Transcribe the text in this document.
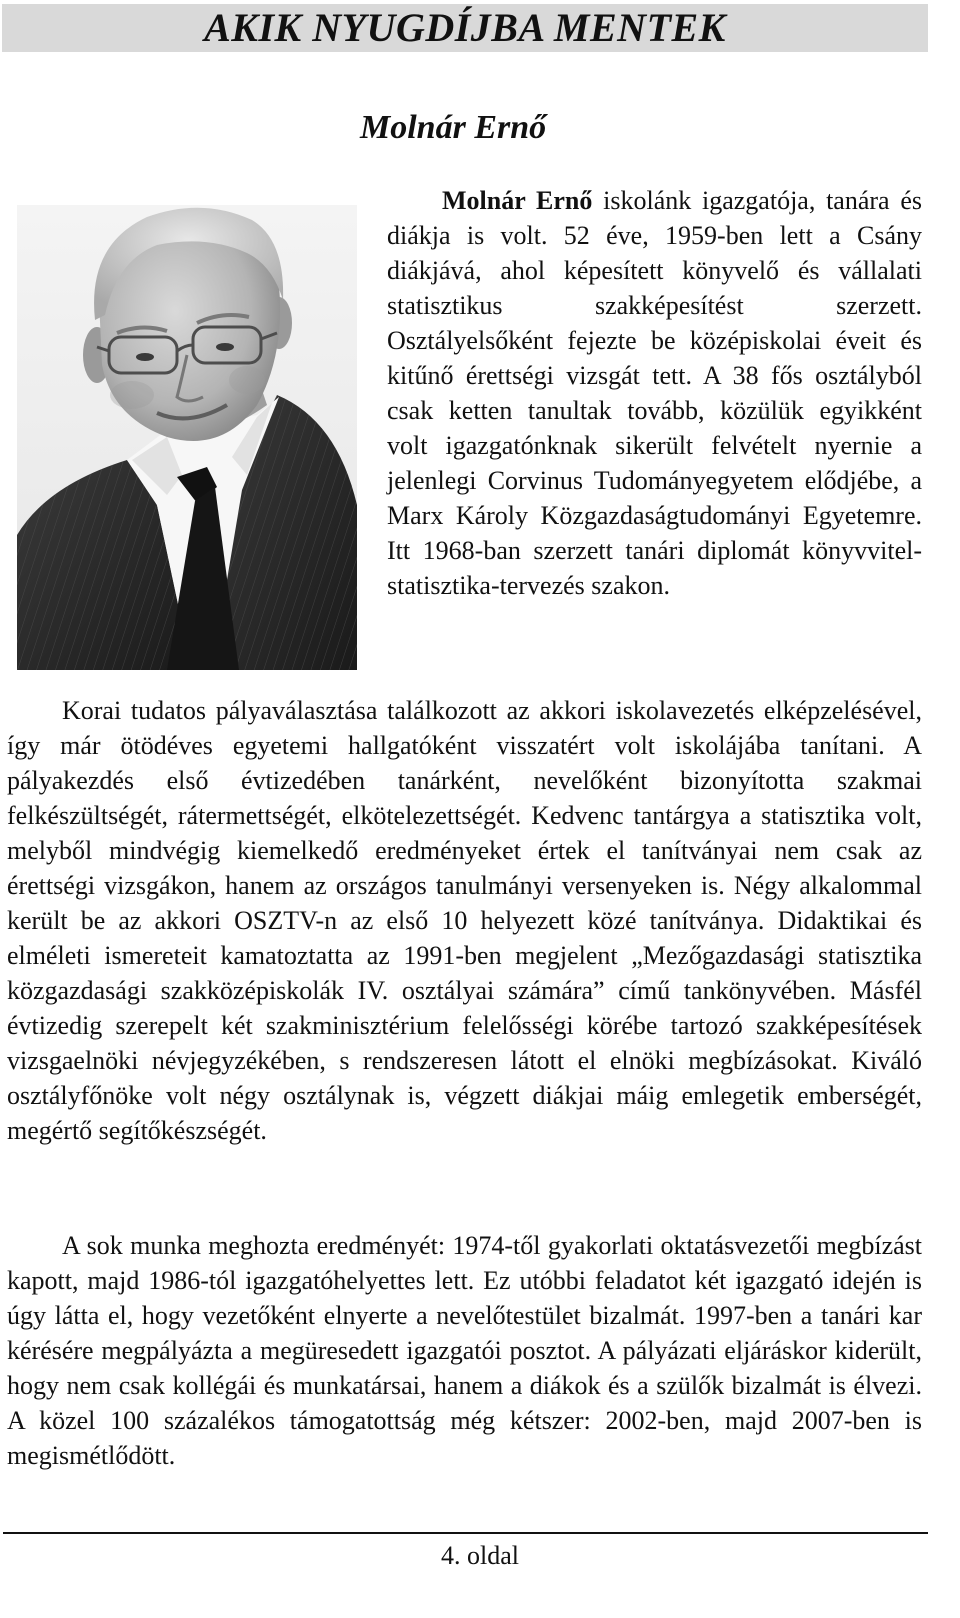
AKIK NYUGDÍJBA MENTEK
Molnár Ernő

Molnár Ernő iskolánk igazgatója, tanára és diákja is volt. 52 éve, 1959-ben lett a Csány diákjává, ahol képesített könyvelő és vállalati statisztikus szakképesítést szerzett. Osztályelsőként fejezte be középiskolai éveit és kitűnő érettségi vizsgát tett. A 38 fős osztályból csak ketten tanultak tovább, közülük egyikként volt igazgatónknak sikerült felvételt nyernie a jelenlegi Corvinus Tudományegyetem elődjébe, a Marx Károly Közgazdaságtudományi Egyetemre. Itt 1968-ban szerzett tanári diplomát könyvvitel-statisztika-tervezés szakon.

Korai tudatos pályaválasztása találkozott az akkori iskolavezetés elképzelésével, így már ötödéves egyetemi hallgatóként visszatért volt iskolájába tanítani. A pályakezdés első évtizedében tanárként, nevelőként bizonyította szakmai felkészültségét, rátermettségét, elkötelezettségét. Kedvenc tantárgya a statisztika volt, melyből mindvégig kiemelkedő eredményeket értek el tanítványai nem csak az érettségi vizsgákon, hanem az országos tanulmányi versenyeken is. Négy alkalommal került be az akkori OSZTV-n az első 10 helyezett közé tanítványa. Didaktikai és elméleti ismereteit kamatoztatta az 1991-ben megjelent „Mezőgazdasági statisztika közgazdasági szakközépiskolák IV. osztályai számára” című tankönyvében. Másfél évtizedig szerepelt két szakminisztérium felelősségi körébe tartozó szakképesítések vizsgaelnöki névjegyzékében, s rendszeresen látott el elnöki megbízásokat. Kiváló osztályfőnöke volt négy osztálynak is, végzett diákjai máig emlegetik emberségét, megértő segítőkészségét.

A sok munka meghozta eredményét: 1974-től gyakorlati oktatásvezetői megbízást kapott, majd 1986-tól igazgatóhelyettes lett. Ez utóbbi feladatot két igazgató idején is úgy látta el, hogy vezetőként elnyerte a nevelőtestület bizalmát. 1997-ben a tanári kar kérésére megpályázta a megüresedett igazgatói posztot. A pályázati eljáráskor kiderült, hogy nem csak kollégái és munkatársai, hanem a diákok és a szülők bizalmát is élvezi. A közel 100 százalékos támogatottság még kétszer: 2002-ben, majd 2007-ben is megismétlődött.

4. oldal
